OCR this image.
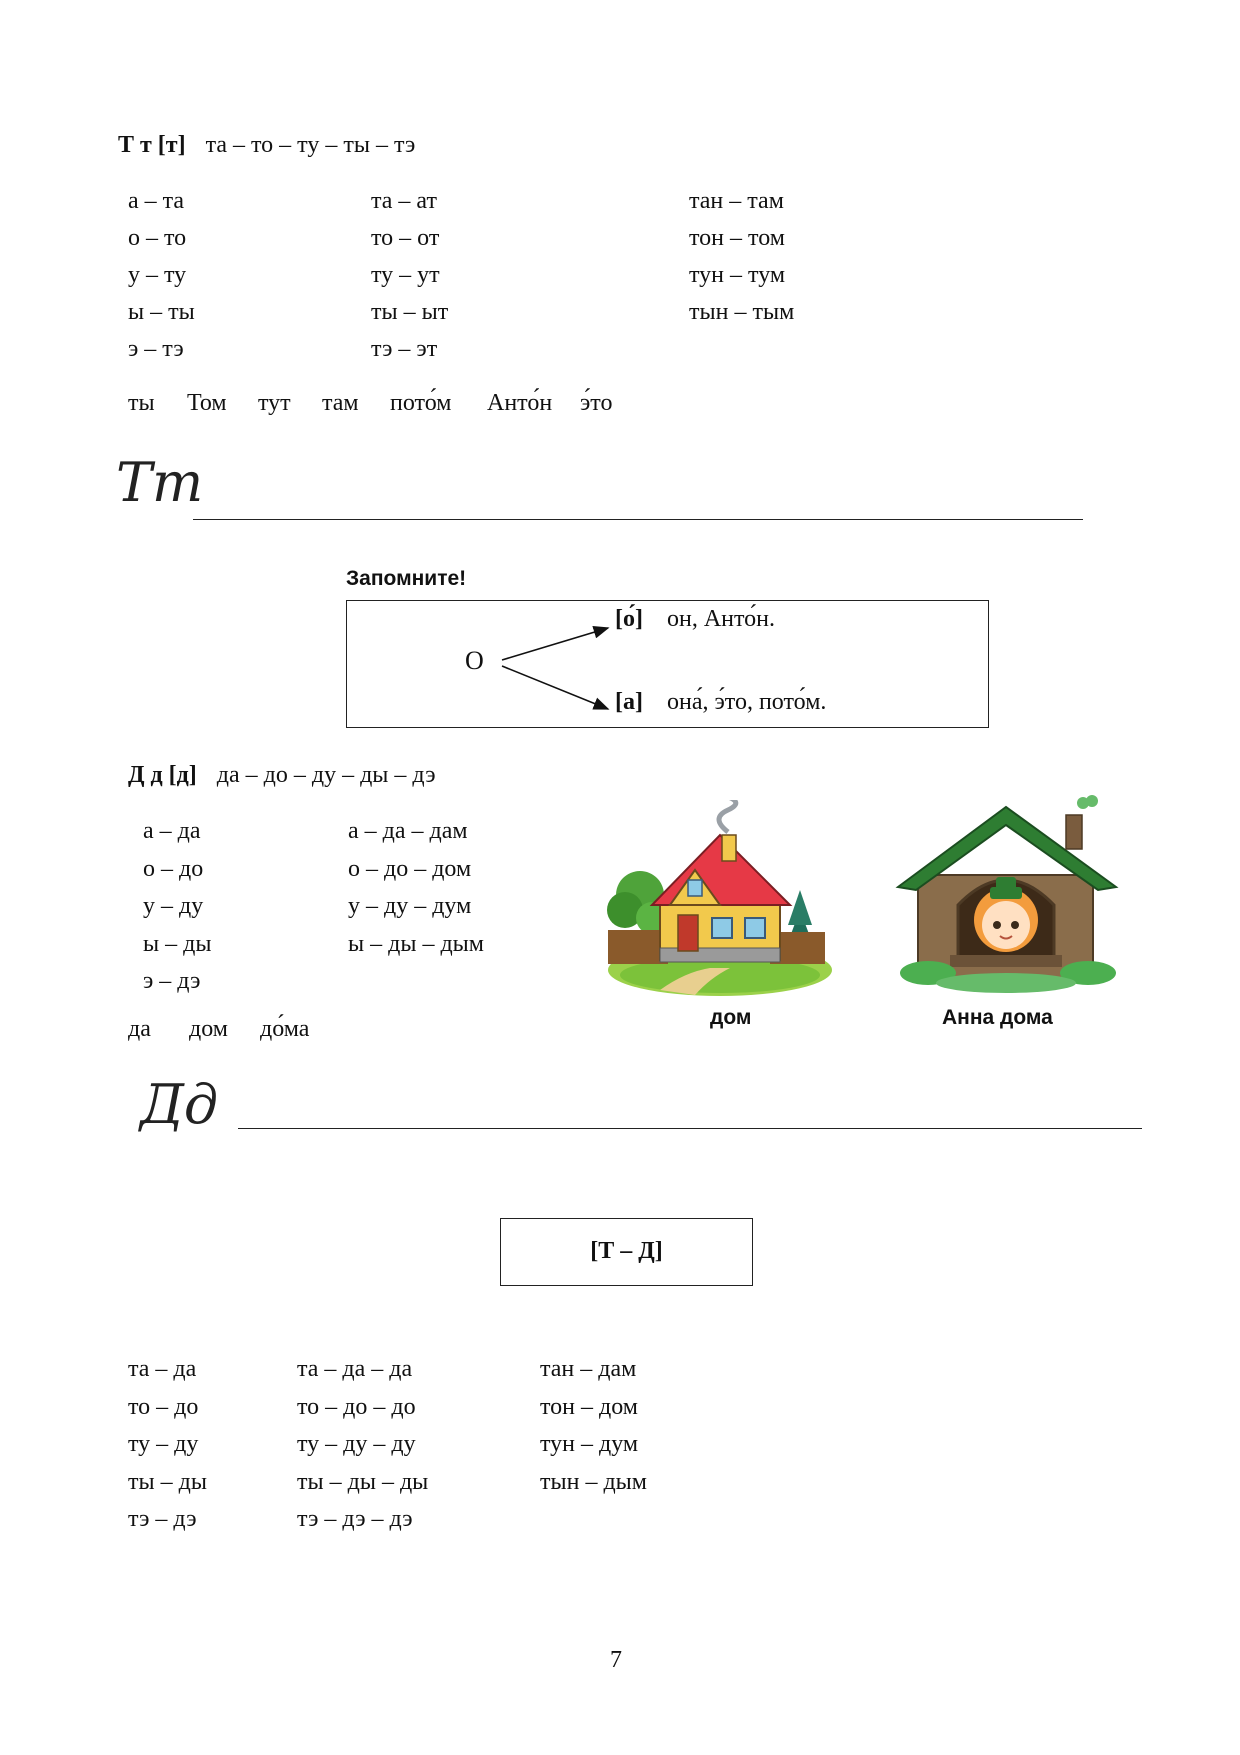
Т т [т] та – то – ту – ты – тэ
а – та
о – то
у – ту
ы – ты
э – тэ
та – ат
то – от
ту – ут
ты – ыт
тэ – эт
тан – там
тон – том
тун – тум
тын – тым
ты Том тут там пото́м Анто́н э́то
Тт
Запомните!
О
[о́] он, Анто́н.
[а] она́, э́то, пото́м.
Д д [д] да – до – ду – ды – дэ
а – да
о – до
у – ду
ы – ды
э – дэ
а – да – дам
о – до – дом
у – ду – дум
ы – ды – дым
да дом до́ма	дом	Анна дома
Дд
[Т – Д]
та – да
то – до
ту – ду
ты – ды
тэ – дэ
та – да – да
то – до – до
ту – ду – ду
ты – ды – ды
тэ – дэ – дэ
тан – дам
тон – дом
тун – дум
тын – дым
7
